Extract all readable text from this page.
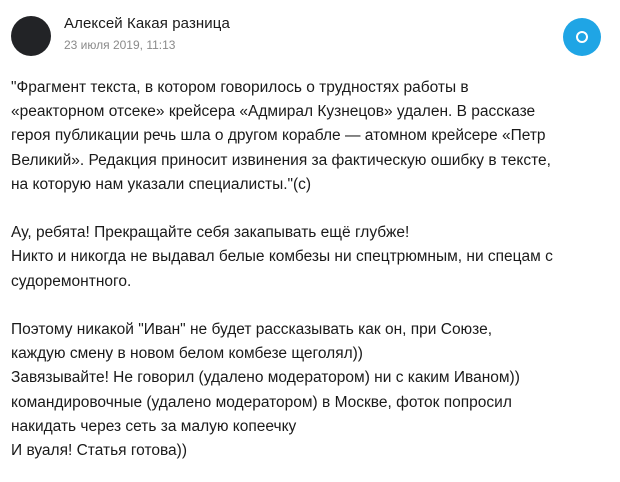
Алексей Какая разница
23 июля 2019, 11:13

"Фрагмент текста, в котором говорилось о трудностях работы в
«реакторном отсеке» крейсера «Адмирал Кузнецов» удален. В рассказе
героя публикации речь шла о другом корабле — атомном крейсере «Петр
Великий». Редакция приносит извинения за фактическую ошибку в тексте,
на которую нам указали специалисты."(c)

Ау, ребята! Прекращайте себя закапывать ещё глубже!
Никто и никогда не выдавал белые комбезы ни спецтрюмным, ни спецам с
судоремонтного.

Поэтому никакой "Иван" не будет рассказывать как он, при Союзе,
каждую смену в новом белом комбезе щеголял))
Завязывайте! Не говорил (удалено модератором) ни с каким Иваном))
командировочные (удалено модератором) в Москве, фоток попросил
накидать через сеть за малую копеечку
И вуаля! Статья готова))
